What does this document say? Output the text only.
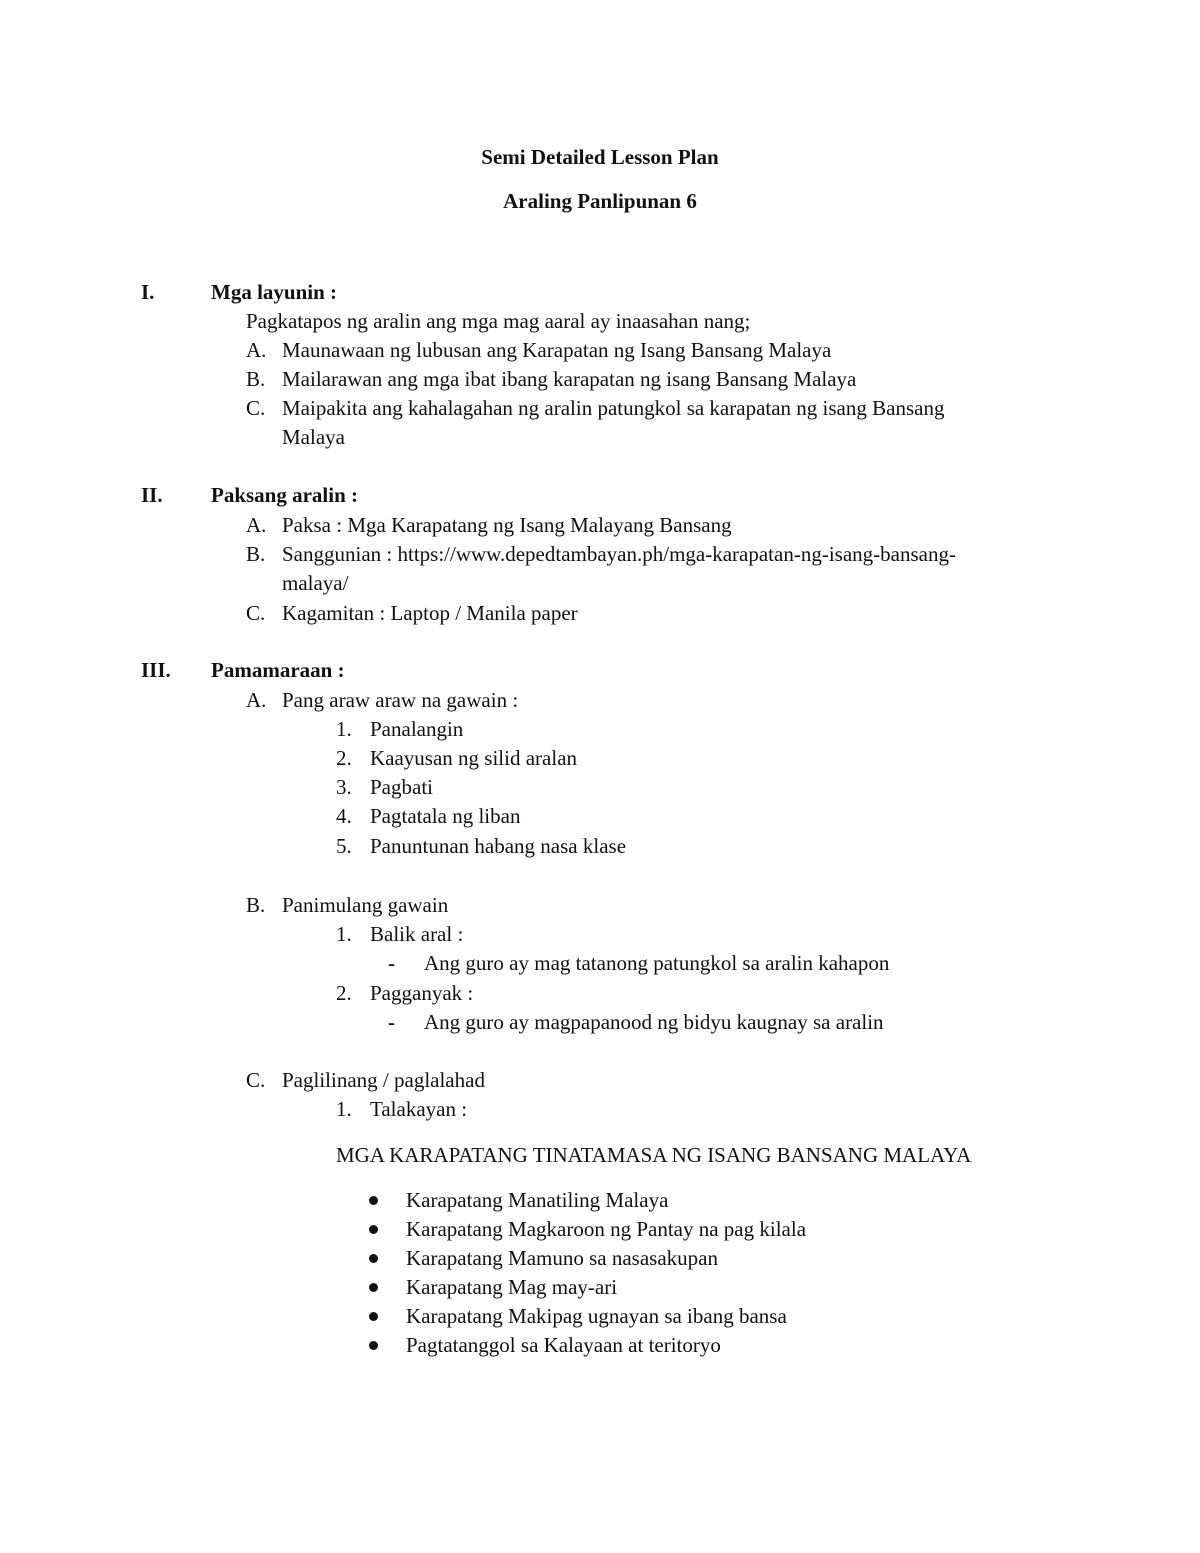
Semi Detailed Lesson Plan
Araling Panlipunan 6
I.	Mga layunin :
Pagkatapos ng aralin ang mga mag aaral ay inaasahan nang;
A. Maunawaan ng lubusan ang Karapatan ng Isang Bansang Malaya
B. Mailarawan ang mga ibat ibang karapatan ng isang Bansang Malaya
C. Maipakita ang kahalagahan ng aralin patungkol sa karapatan ng isang Bansang
Malaya
II. Paksang aralin :
A. Paksa : Mga Karapatang ng Isang Malayang Bansang
B. Sanggunian : https://www.depedtambayan.ph/mga-karapatan-ng-isang-bansang-
malaya/
C. Kagamitan : Laptop / Manila paper
III. Pamamaraan :
A. Pang araw araw na gawain :
1. Panalangin
2. Kaayusan ng silid aralan
3. Pagbati
4. Pagtatala ng liban
5. Panuntunan habang nasa klase
B. Panimulang gawain
1. Balik aral :
- Ang guro ay mag tatanong patungkol sa aralin kahapon
2. Pagganyak :
- Ang guro ay magpapanood ng bidyu kaugnay sa aralin
C. Paglilinang / paglalahad
1. Talakayan :
MGA KARAPATANG TINATAMASA NG ISANG BANSANG MALAYA
Karapatang Manatiling Malaya
Karapatang Magkaroon ng Pantay na pag kilala
Karapatang Mamuno sa nasasakupan
Karapatang Mag may-ari
Karapatang Makipag ugnayan sa ibang bansa
Pagtatanggol sa Kalayaan at teritoryo
